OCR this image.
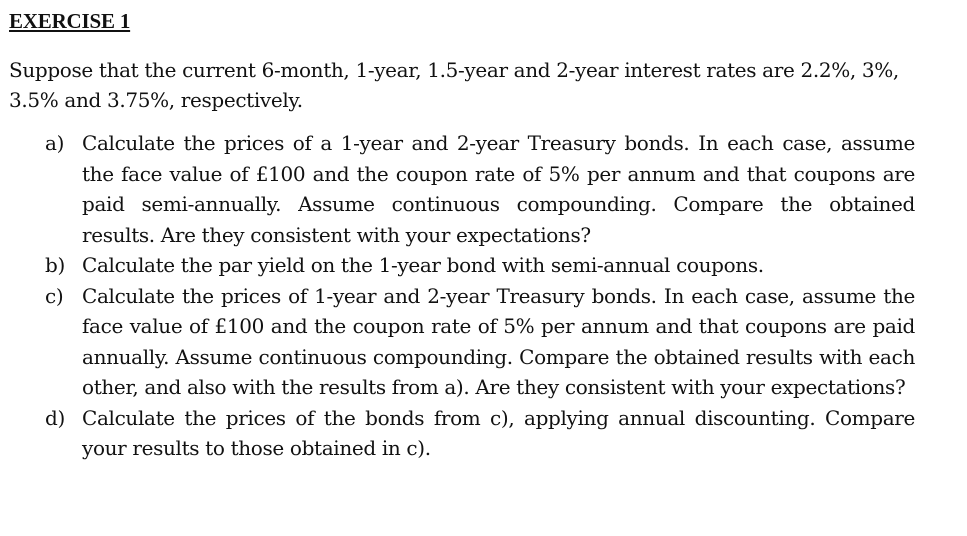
EXERCISE 1
Suppose that the current 6-month, 1-year, 1.5-year and 2-year interest rates are 2.2%, 3%, 3.5% and 3.75%, respectively.
a) Calculate the prices of a 1-year and 2-year Treasury bonds. In each case, assume the face value of £100 and the coupon rate of 5% per annum and that coupons are paid semi-annually. Assume continuous compounding. Compare the obtained results. Are they consistent with your expectations?
b) Calculate the par yield on the 1-year bond with semi-annual coupons.
c) Calculate the prices of 1-year and 2-year Treasury bonds. In each case, assume the face value of £100 and the coupon rate of 5% per annum and that coupons are paid annually. Assume continuous compounding. Compare the obtained results with each other, and also with the results from a). Are they consistent with your expectations?
d) Calculate the prices of the bonds from c), applying annual discounting. Compare your results to those obtained in c).
